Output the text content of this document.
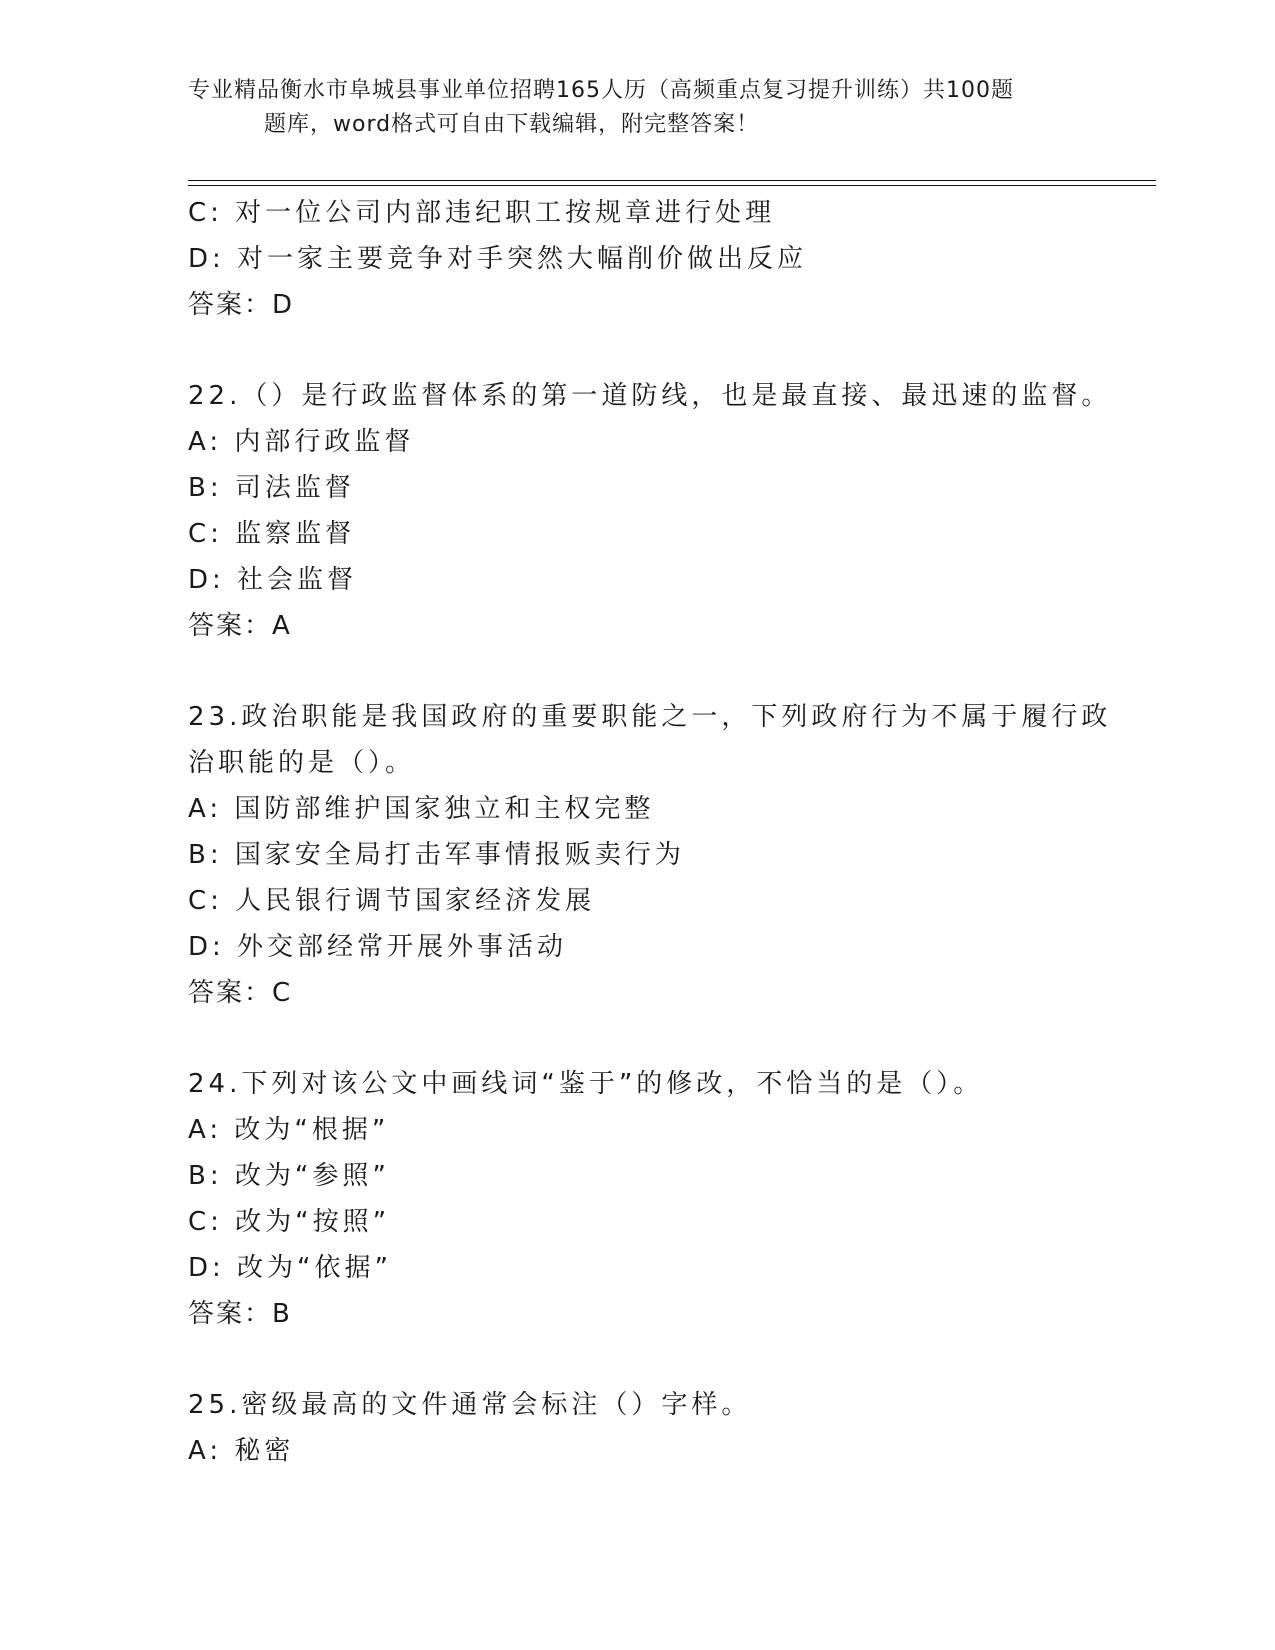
专业精品衡水市阜城县事业单位招聘165人历（高频重点复习提升训练）共100题
题库，word格式可自由下载编辑，附完整答案！
C: 对一位公司内部违纪职工按规章进行处理
D: 对一家主要竞争对手突然大幅削价做出反应
答案：D
22.（）是行政监督体系的第一道防线，也是最直接、最迅速的监督。
A: 内部行政监督
B: 司法监督
C: 监察监督
D: 社会监督
答案：A
23.政治职能是我国政府的重要职能之一，下列政府行为不属于履行政
治职能的是（）。
A: 国防部维护国家独立和主权完整
B: 国家安全局打击军事情报贩卖行为
C: 人民银行调节国家经济发展
D: 外交部经常开展外事活动
答案：C
24.下列对该公文中画线词“鉴于”的修改，不恰当的是（）。
A: 改为“根据”
B: 改为“参照”
C: 改为“按照”
D: 改为“依据”
答案：B
25.密级最高的文件通常会标注（）字样。
A: 秘密
